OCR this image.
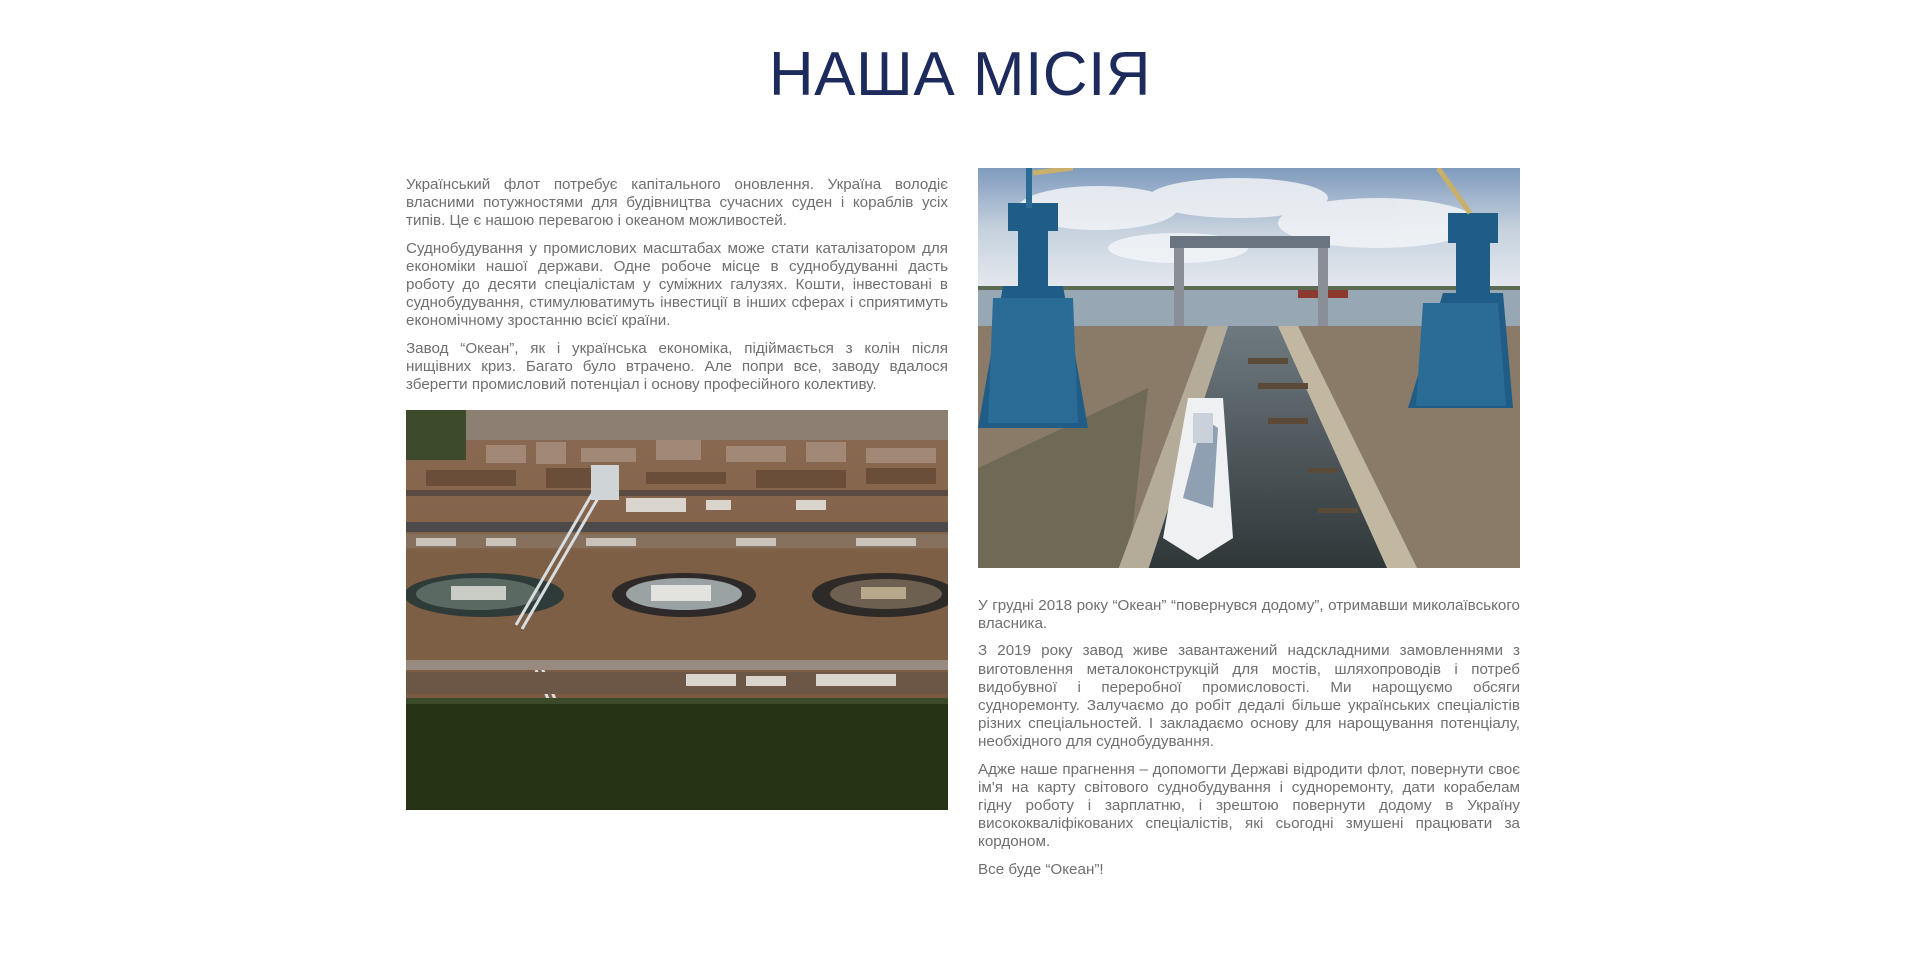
НАША МІСІЯ

Український флот потребує капітального оновлення. Україна володіє власними потужностями для будівництва сучасних суден і кораблів усіх типів. Це є нашою перевагою і океаном можливостей.

Суднобудування у промислових масштабах може стати каталізатором для економіки нашої держави. Одне робоче місце в суднобудуванні дасть роботу до десяти спеціалістам у суміжних галузях. Кошти, інвестовані в суднобудування, стимулюватимуть інвестиції в інших сферах і сприятимуть економічному зростанню всієї країни.

Завод “Океан”, як і українська економіка, підіймається з колін після нищівних криз. Багато було втрачено. Але попри все, заводу вдалося зберегти промисловий потенціал і основу професійного колективу.

У грудні 2018 року “Океан” “повернувся додому”, отримавши миколаївського власника.

З 2019 року завод живе завантажений надскладними замовленнями з виготовлення металоконструкцій для мостів, шляхопроводів і потреб видобувної і переробної промисловості. Ми нарощуємо обсяги судноремонту. Залучаємо до робіт дедалі більше українських спеціалістів різних спеціальностей. І закладаємо основу для нарощування потенціалу, необхідного для суднобудування.

Адже наше прагнення – допомогти Державі відродити флот, повернути своє ім'я на карту світового суднобудування і судноремонту, дати корабелам гідну роботу і зарплатню, і зрештою повернути додому в Україну висококваліфікованих спеціалістів, які сьогодні змушені працювати за кордоном.

Все буде “Океан”!
